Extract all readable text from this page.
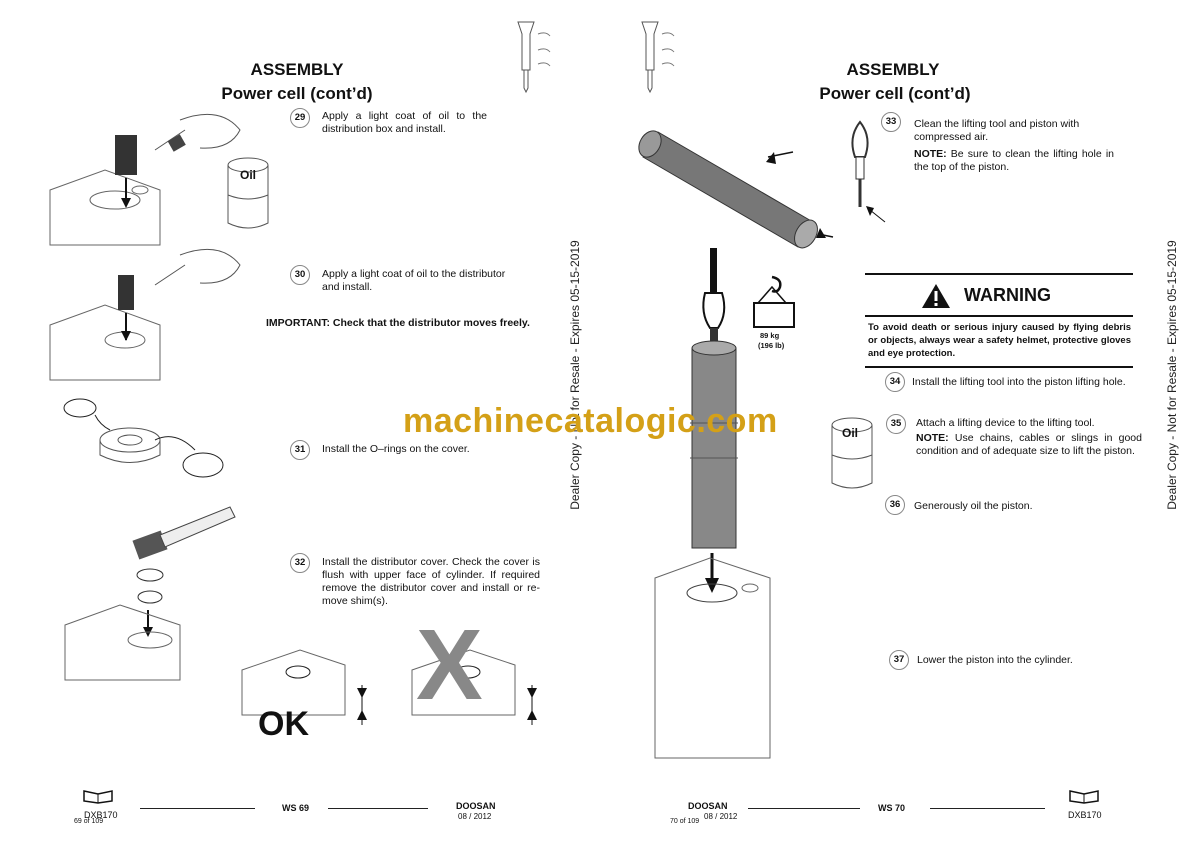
ASSEMBLY
Power cell (cont’d)
29	Apply a light coat of oil to the distribution box and install.
30	Apply a light coat of oil to the distributor and install.
IMPORTANT: Check that the distributor moves freely.
31	Install the O–rings on the cover.
32	Install the distributor cover. Check the cover is flush with upper face of cylinder. If required remove the distributor cover and install or re-move shim(s).
Oil
OK
X
Dealer Copy - Not for Resale - Expires 05-15-2019
DXB170
69 of 109
WS 69	DOOSAN
08 / 2012
ASSEMBLY
Power cell (cont’d)
33	Clean the lifting tool and piston with compressed air.
NOTE: Be sure to clean the lifting hole in the top of the piston.
WARNING
To avoid death or serious injury caused by flying debris or objects, always wear a safety helmet, protective gloves and eye protection.
89 kg
(196 lb)
Oil
34	Install the lifting tool into the piston lifting hole.
35	Attach a lifting device to the lifting tool.
NOTE: Use chains, cables or slings in good condition and of adequate size to lift the piston.
36	Generously oil the piston.
37	Lower the piston into the cylinder.
Dealer Copy - Not for Resale - Expires 05-15-2019
DOOSAN
08 / 2012
70 of 109
WS 70
DXB170
machinecatalogic.com
